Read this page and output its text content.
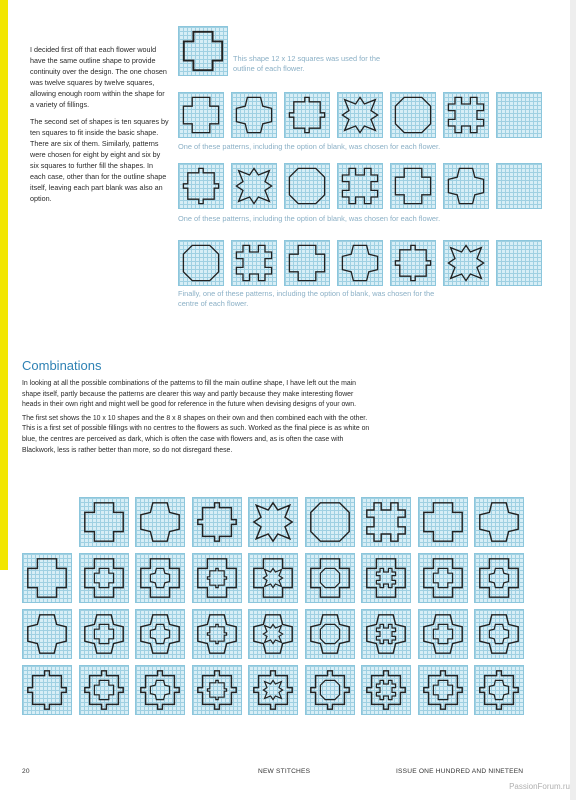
I decided first off that each flower would have the same outline shape to provide continuity over the design. The one chosen was twelve squares by twelve squares, allowing enough room within the shape for a variety of fillings.

The second set of shapes is ten squares by ten squares to fit inside the basic shape. There are six of them. Similarly, patterns were chosen for eight by eight and six by six squares to further fill the shapes. In each case, other than for the outline shape itself, leaving each part blank was also an option.

This shape 12 x 12 squares was used for the outline of each flower.
One of these patterns, including the option of blank, was chosen for each flower.
One of these patterns, including the option of blank, was chosen for each flower.
Finally, one of these patterns, including the option of blank, was chosen for the centre of each flower.
Combinations

In looking at all the possible combinations of the patterns to fill the main outline shape, I have left out the main shape itself, partly because the patterns are clearer this way and partly because they make interesting flower heads in their own right and might well be good for reference in the future when devising designs of your own.

The first set shows the 10 x 10 shapes and the 8 x 8 shapes on their own and then combined each with the other. This is a first set of possible fillings with no centres to the flowers as such. Worked as the final piece is as white on blue, the centres are perceived as dark, which is often the case with flowers and, as is often the case with Blackwork, less is rather better than more, so do not disregard these.

20	NEW STITCHES	ISSUE ONE HUNDRED AND NINETEEN
PassionForum.ru
